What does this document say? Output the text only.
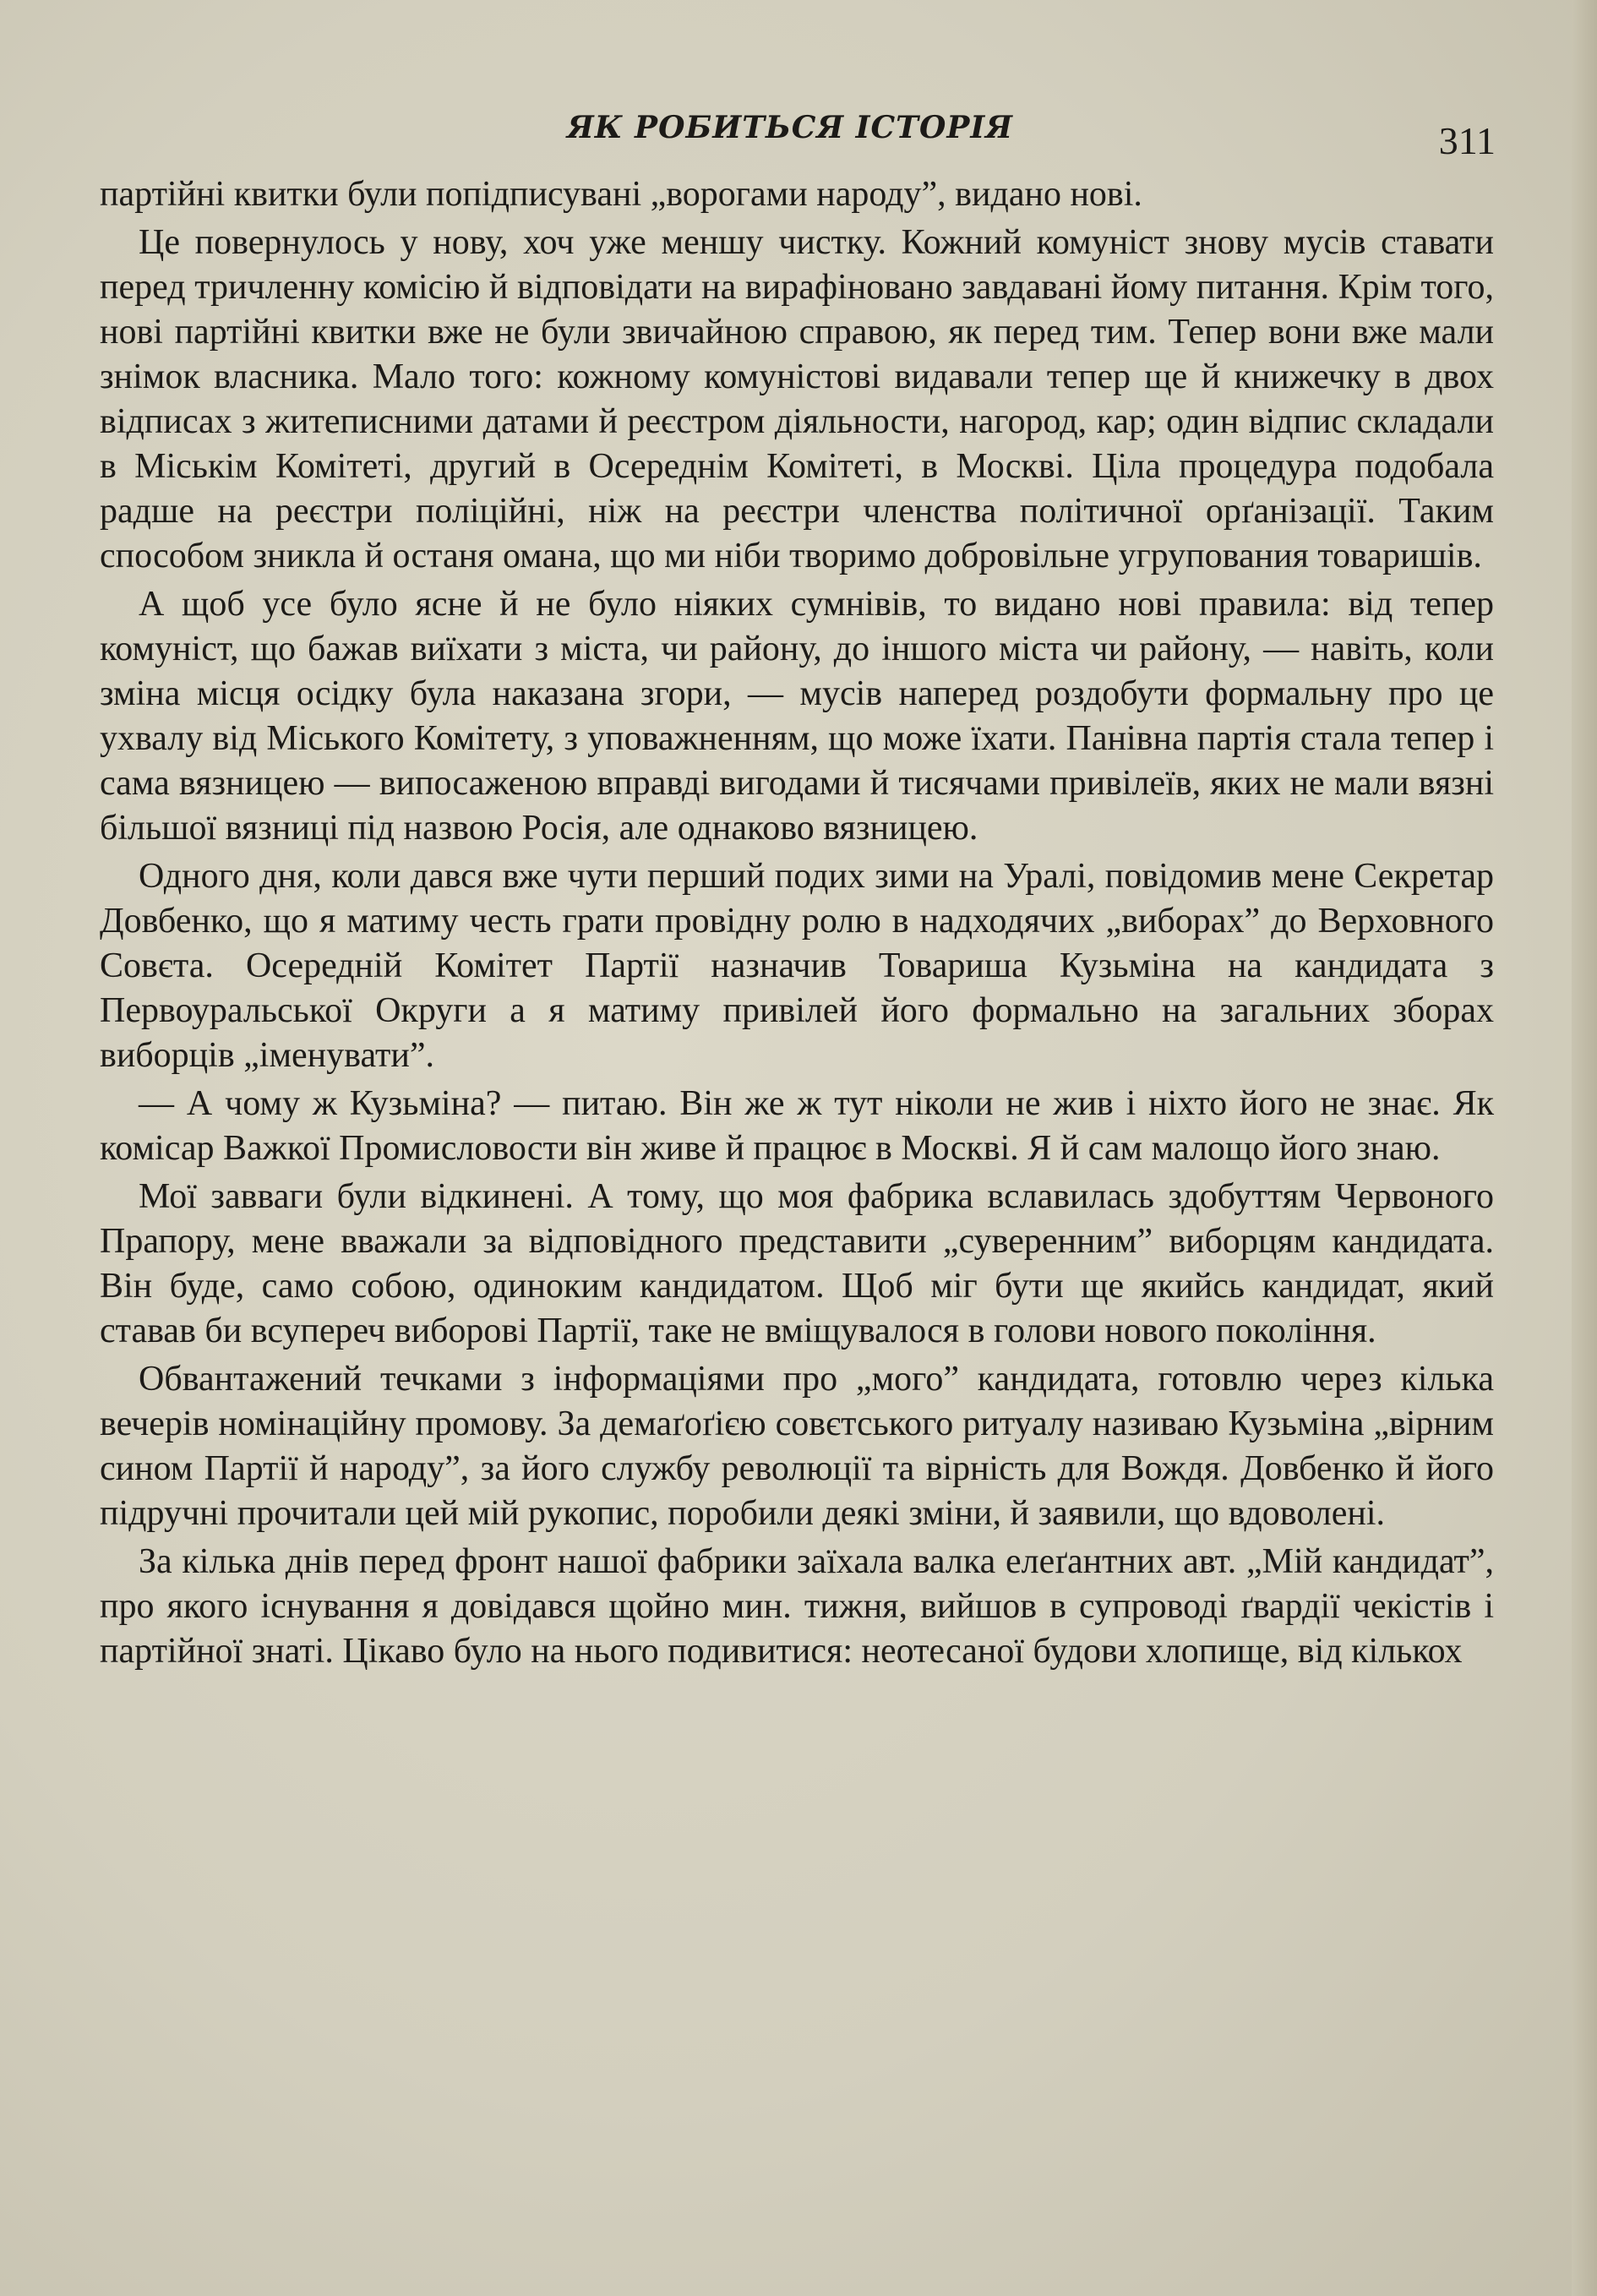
ЯК РОБИТЬСЯ ІСТОРІЯ	311

партійні квитки були попідписувані „ворогами народу”, видано нові.

Це повернулось у нову, хоч уже меншу чистку. Кожний комуніст знову мусів ставати перед тричленну комісію й відповідати на вирафіновано завдавані йому питання. Крім того, нові партійні квитки вже не були звичайною справою, як перед тим. Тепер вони вже мали знімок власника. Мало того: кожному комуністові видавали тепер ще й книжечку в двох відписах з житеписними датами й реєстром діяльности, нагород, кар; один відпис складали в Міськім Комітеті, другий в Осереднім Комітеті, в Москві. Ціла процедура подобала радше на реєстри поліційні, ніж на реєстри членства політичної орґанізації. Таким способом зникла й останя омана, що ми ніби творимо добровільне угрупования товаришів.

А щоб усе було ясне й не було ніяких сумнівів, то видано нові правила: від тепер комуніст, що бажав виїхати з міста, чи району, до іншого міста чи району, — навіть, коли зміна місця осідку була наказана згори, — мусів наперед роздобути формальну про це ухвалу від Міського Комітету, з уповажненням, що може їхати. Панівна партія стала тепер і сама вязницею — випосаженою вправді вигодами й тисячами привілеїв, яких не мали вязні більшої вязниці під назвою Росія, але однаково вязницею.

Одного дня, коли дався вже чути перший подих зими на Уралі, повідомив мене Секретар Довбенко, що я матиму честь грати провідну ролю в надходячих „виборах” до Верховного Совєта. Осередній Комітет Партії назначив Товариша Кузьміна на кандидата з Первоуральської Округи а я матиму привілей його формально на загальних зборах виборців „іменувати”.

— А чому ж Кузьміна? — питаю. Він же ж тут ніколи не жив і ніхто його не знає. Як комісар Важкої Промисловости він живе й працює в Москві. Я й сам малощо його знаю.

Мої завваги були відкинені. А тому, що моя фабрика вславилась здобуттям Червоного Прапору, мене вважали за відповідного представити „суверенним” виборцям кандидата. Він буде, само собою, одиноким кандидатом. Щоб міг бути ще якийсь кандидат, який ставав би всупереч виборові Партії, таке не вміщувалося в голови нового покоління.

Обвантажений течками з інформаціями про „мого” кандидата, готовлю через кілька вечерів номінаційну промову. За демаґоґією совєтського ритуалу називаю Кузьміна „вірним сином Партії й народу”, за його службу революції та вірність для Вождя. Довбенко й його підручні прочитали цей мій рукопис, поробили деякі зміни, й заявили, що вдоволені.

За кілька днів перед фронт нашої фабрики заїхала валка елеґантних авт. „Мій кандидат”, про якого існування я довідався щойно мин. тижня, вийшов в супроводі ґвардії чекістів і партійної знаті. Цікаво було на нього подивитися: неотесаної будови хлопище, від кількох
